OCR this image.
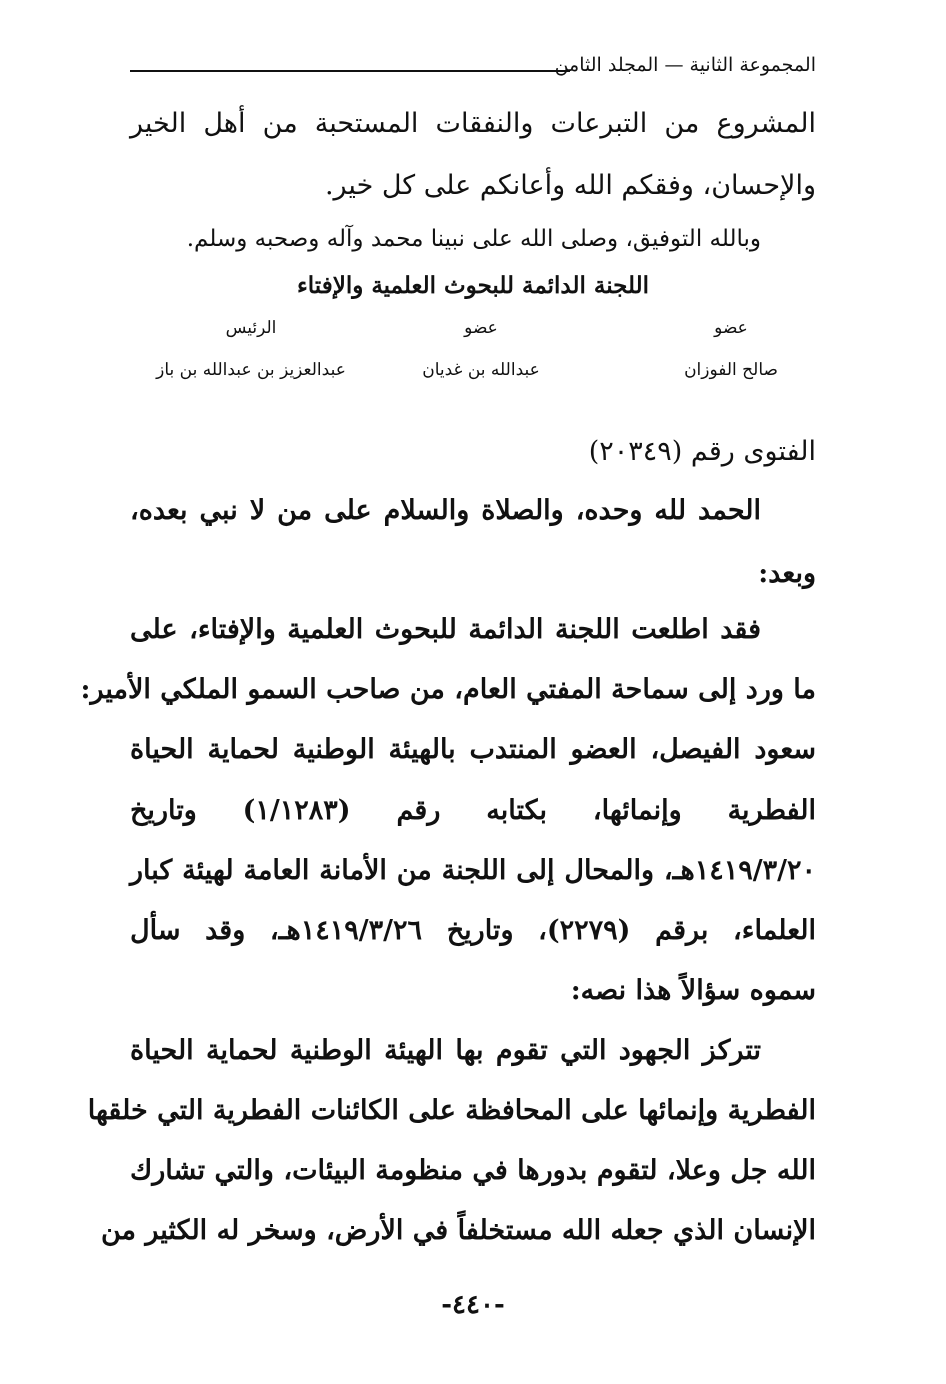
المجموعة الثانية — المجلد الثامن
المشروع من التبرعات والنفقات المستحبة من أهل الخير
والإحسان، وفقكم الله وأعانكم على كل خير.
وبالله التوفيق، وصلى الله على نبينا محمد وآله وصحبه وسلم.
اللجنة الدائمة للبحوث العلمية والإفتاء
عضو
عضو
الرئيس
صالح الفوزان
عبدالله بن غديان
عبدالعزيز بن عبدالله بن باز
الفتوى رقم (٢٠٣٤٩)
الحمد لله وحده، والصلاة والسلام على من لا نبي بعده،
وبعد:
فقد اطلعت اللجنة الدائمة للبحوث العلمية والإفتاء، على
ما ورد إلى سماحة المفتي العام، من صاحب السمو الملكي الأمير:
سعود الفيصل، العضو المنتدب بالهيئة الوطنية لحماية الحياة
الفطرية وإنمائها، بكتابه رقم (١/١٢٨٣) وتاريخ
١٤١٩/٣/٢٠هـ، والمحال إلى اللجنة من الأمانة العامة لهيئة كبار
العلماء، برقم (٢٢٧٩)، وتاريخ ١٤١٩/٣/٢٦هـ، وقد سأل
سموه سؤالاً هذا نصه:
تتركز الجهود التي تقوم بها الهيئة الوطنية لحماية الحياة
الفطرية وإنمائها على المحافظة على الكائنات الفطرية التي خلقها
الله جل وعلا، لتقوم بدورها في منظومة البيئات، والتي تشارك
الإنسان الذي جعله الله مستخلفاً في الأرض، وسخر له الكثير من
-٤٤٠-
